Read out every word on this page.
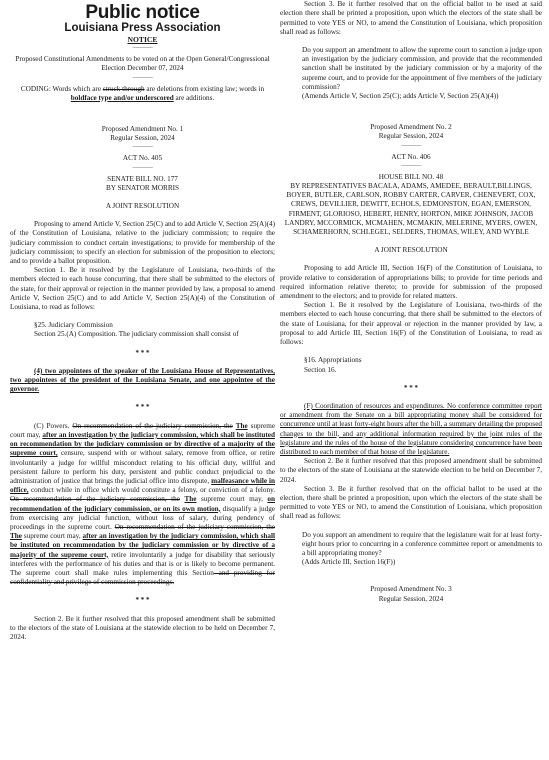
Public notice
Louisiana Press Association
NOTICE
__________
Proposed Constitutional Amendments to be voted on at the Open General/Congressional Election December 07, 2024
__________
CODING: Words which are struck through are deletions from existing law; words in boldface type and/or underscored are additions.
Proposed Amendment No. 1
Regular Session, 2024
__________
ACT No. 405
__________
SENATE BILL NO. 177
BY SENATOR MORRIS
A JOINT RESOLUTION

Proposing to amend Article V, Section 25(C) and to add Article V, Section 25(A)(4) of the Constitution of Louisiana, relative to the judiciary commission; to require the judiciary commission to conduct certain investigations; to provide for membership of the judiciary commission; to specify an election for submission of the proposition to electors; and to provide a ballot proposition.

Section 1. Be it resolved by the Legislature of Louisiana, two-thirds of the members elected to each house concurring, that there shall be submitted to the electors of the state, for their approval or rejection in the manner provided by law, a proposal to amend Article V, Section 25(C) and to add Article V, Section 25(A)(4) of the Constitution of Louisiana, to read as follows:

§25. Judiciary Commission

Section 25.(A) Composition. The judiciary commission shall consist of

* * *

(4) two appointees of the speaker of the Louisiana House of Representatives, two appointees of the president of the Louisiana Senate, and one appointee of the governor.

* * *

(C) Powers. On recommendation of the judiciary commission, the The supreme court may, after an investigation by the judiciary commission, which shall be instituted on recommendation by the judiciary commission or by directive of a majority of the supreme court, censure, suspend with or without salary, remove from office, or retire involuntarily a judge for willful misconduct relating to his official duty, willful and persistent failure to perform his duty, persistent and public conduct prejudicial to the administration of justice that brings the judicial office into disrepute, malfeasance while in office, conduct while in office which would constitute a felony, or conviction of a felony. On recommendation of the judiciary commission, the The supreme court may, on recommendation of the judiciary commission, or on its own motion, disqualify a judge from exercising any judicial function, without loss of salary, during pendency of proceedings in the supreme court. On recommendation of the judiciary commission, the The supreme court may, after an investigation by the judiciary commission, which shall be instituted on recommendation by the judiciary commission or by directive of a majority of the supreme court, retire involuntarily a judge for disability that seriously interferes with the performance of his duties and that is or is likely to become permanent. The supreme court shall make rules implementing this Section and providing for confidentiality and privilege of commission proceedings.

* * *

Section 2. Be it further resolved that this proposed amendment shall be submitted to the electors of the state of Louisiana at the statewide election to be held on December 7, 2024.

Section 3. Be it further resolved that on the official ballot to be used at said election there shall be printed a proposition, upon which the electors of the state shall be permitted to vote YES or NO, to amend the Constitution of Louisiana, which proposition shall read as follows:

Do you support an amendment to allow the supreme court to sanction a judge upon an investigation by the judiciary commission, and provide that the recommended sanction shall be instituted by the judiciary commission or by a majority of the supreme court, and to provide for the appointment of five members of the judiciary commission?

(Amends Article V, Section 25(C); adds Article V, Section 25(A)(4))

Proposed Amendment No. 2
Regular Session, 2024
__________
ACT No. 406
__________
HOUSE BILL NO. 48
BY REPRESENTATIVES BACALA, ADAMS, AMEDEE, BERAULT,BILLINGS, BOYER, BUTLER, CARLSON, ROBBY CARTER, CARVER, CHENEVERT, COX, CREWS, DEVILLIER, DEWITT, ECHOLS, EDMONSTON, EGAN, EMERSON, FIRMENT, GLORIOSO, HEBERT, HENRY, HORTON, MIKE JOHNSON, JACOB LANDRY, MCCORMICK, MCMAHEN, MCMAKIN, MELERINE, MYERS, OWEN, SCHAMERHORN, SCHLEGEL, SELDERS, THOMAS, WILEY, AND WYBLE
A JOINT RESOLUTION

Proposing to add Article III, Section 16(F) of the Constitution of Louisiana, to provide relative to consideration of appropriations bills; to provide for time periods and required information relative thereto; to provide for submission of the proposed amendment to the electors; and to provide for related matters.

Section 1. Be it resolved by the Legislature of Louisiana, two-thirds of the members elected to each house concurring, that there shall be submitted to the electors of the state of Louisiana, for their approval or rejection in the manner provided by law, a proposal to add Article III, Section 16(F) of the Constitution of Louisiana, to read as follows:

§16. Appropriations

Section 16.

* * *

(F) Coordination of resources and expenditures. No conference committee report or amendment from the Senate on a bill appropriating money shall be considered for concurrence until at least forty-eight hours after the bill, a summary detailing the proposed changes to the bill, and any additional information required by the joint rules of the legislature and the rules of the house of the legislature considering concurrence have been distributed to each member of that house of the legislature.

Section 2. Be it further resolved that this proposed amendment shall be submitted to the electors of the state of Louisiana at the statewide election to be held on December 7, 2024.

Section 3. Be it further resolved that on the official ballot to be used at the election, there shall be printed a proposition, upon which the electors of the state shall be permitted to vote YES or NO, to amend the Constitution of Louisiana, which proposition shall read as follows:

Do you support an amendment to require that the legislature wait for at least forty-eight hours prior to concurring in a conference committee report or amendments to a bill appropriating money?

(Adds Article III, Section 16(F))

Proposed Amendment No. 3
Regular Session, 2024
